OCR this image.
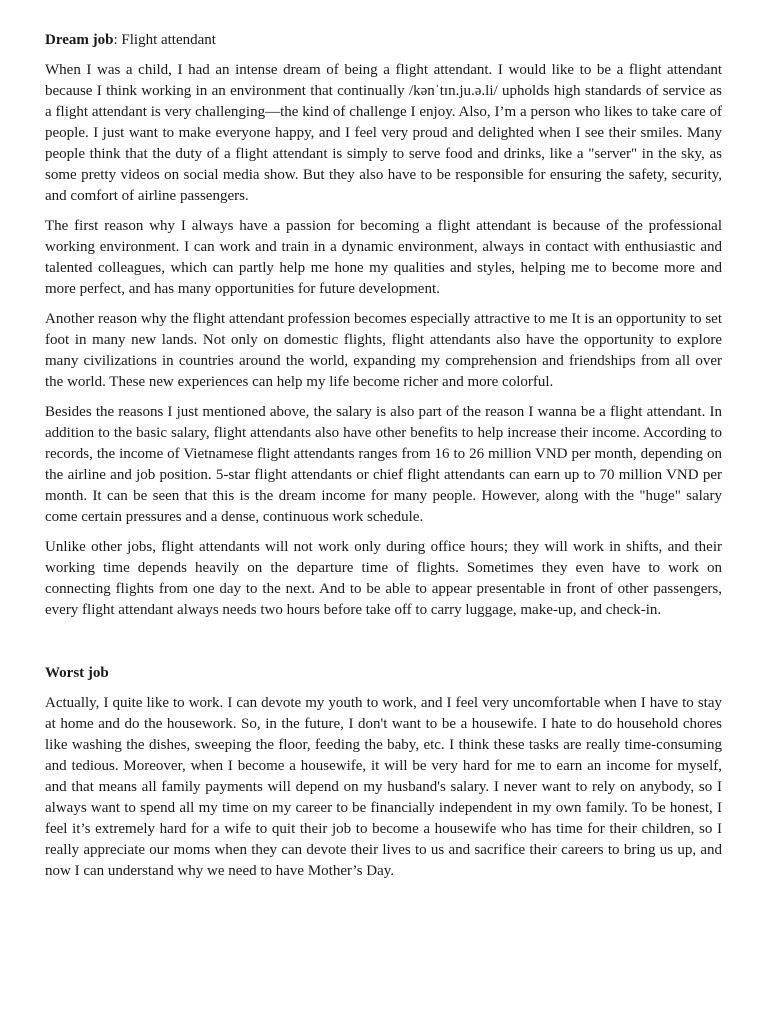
Dream job: Flight attendant

When I was a child, I had an intense dream of being a flight attendant. I would like to be a flight attendant because I think working in an environment that continually /kənˈtɪn.ju.ə.li/ upholds high standards of service as a flight attendant is very challenging—the kind of challenge I enjoy. Also, I’m a person who likes to take care of people. I just want to make everyone happy, and I feel very proud and delighted when I see their smiles. Many people think that the duty of a flight attendant is simply to serve food and drinks, like a "server" in the sky, as some pretty videos on social media show. But they also have to be responsible for ensuring the safety, security, and comfort of airline passengers.

The first reason why I always have a passion for becoming a flight attendant is because of the professional working environment. I can work and train in a dynamic environment, always in contact with enthusiastic and talented colleagues, which can partly help me hone my qualities and styles, helping me to become more and more perfect, and has many opportunities for future development.

Another reason why the flight attendant profession becomes especially attractive to me It is an opportunity to set foot in many new lands. Not only on domestic flights, flight attendants also have the opportunity to explore many civilizations in countries around the world, expanding my comprehension and friendships from all over the world. These new experiences can help my life become richer and more colorful.

Besides the reasons I just mentioned above, the salary is also part of the reason I wanna be a flight attendant. In addition to the basic salary, flight attendants also have other benefits to help increase their income. According to records, the income of Vietnamese flight attendants ranges from 16 to 26 million VND per month, depending on the airline and job position. 5-star flight attendants or chief flight attendants can earn up to 70 million VND per month. It can be seen that this is the dream income for many people. However, along with the "huge" salary come certain pressures and a dense, continuous work schedule.

Unlike other jobs, flight attendants will not work only during office hours; they will work in shifts, and their working time depends heavily on the departure time of flights. Sometimes they even have to work on connecting flights from one day to the next. And to be able to appear presentable in front of other passengers, every flight attendant always needs two hours before take off to carry luggage, make-up, and check-in.

Worst job

Actually, I quite like to work. I can devote my youth to work, and I feel very uncomfortable when I have to stay at home and do the housework. So, in the future, I don't want to be a housewife. I hate to do household chores like washing the dishes, sweeping the floor, feeding the baby, etc. I think these tasks are really time-consuming and tedious. Moreover, when I become a housewife, it will be very hard for me to earn an income for myself, and that means all family payments will depend on my husband's salary. I never want to rely on anybody, so I always want to spend all my time on my career to be financially independent in my own family. To be honest, I feel it’s extremely hard for a wife to quit their job to become a housewife who has time for their children, so I really appreciate our moms when they can devote their lives to us and sacrifice their careers to bring us up, and now I can understand why we need to have Mother’s Day.
